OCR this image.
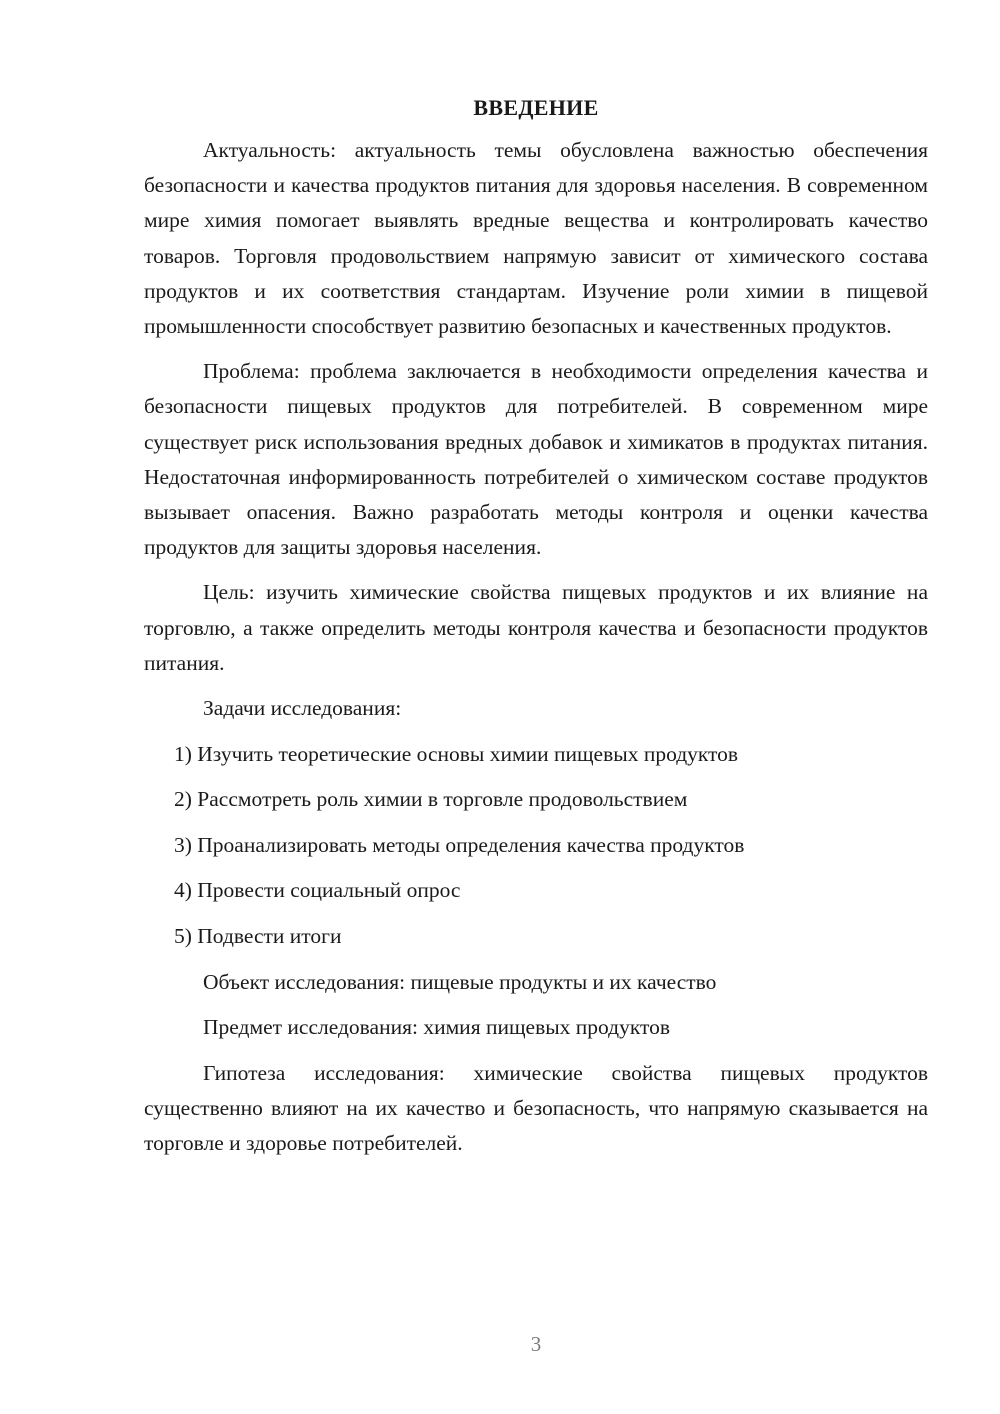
ВВЕДЕНИЕ

Актуальность: актуальность темы обусловлена важностью обеспечения безопасности и качества продуктов питания для здоровья населения. В современном мире химия помогает выявлять вредные вещества и контролировать качество товаров. Торговля продовольствием напрямую зависит от химического состава продуктов и их соответствия стандартам. Изучение роли химии в пищевой промышленности способствует развитию безопасных и качественных продуктов.

Проблема: проблема заключается в необходимости определения качества и безопасности пищевых продуктов для потребителей. В современном мире существует риск использования вредных добавок и химикатов в продуктах питания. Недостаточная информированность потребителей о химическом составе продуктов вызывает опасения. Важно разработать методы контроля и оценки качества продуктов для защиты здоровья населения.

Цель: изучить химические свойства пищевых продуктов и их влияние на торговлю, а также определить методы контроля качества и безопасности продуктов питания.

Задачи исследования:
1) Изучить теоретические основы химии пищевых продуктов
2) Рассмотреть роль химии в торговле продовольствием
3) Проанализировать методы определения качества продуктов
4) Провести социальный опрос
5) Подвести итоги
Объект исследования: пищевые продукты и их качество
Предмет исследования: химия пищевых продуктов

Гипотеза исследования: химические свойства пищевых продуктов существенно влияют на их качество и безопасность, что напрямую сказывается на торговле и здоровье потребителей.

3
